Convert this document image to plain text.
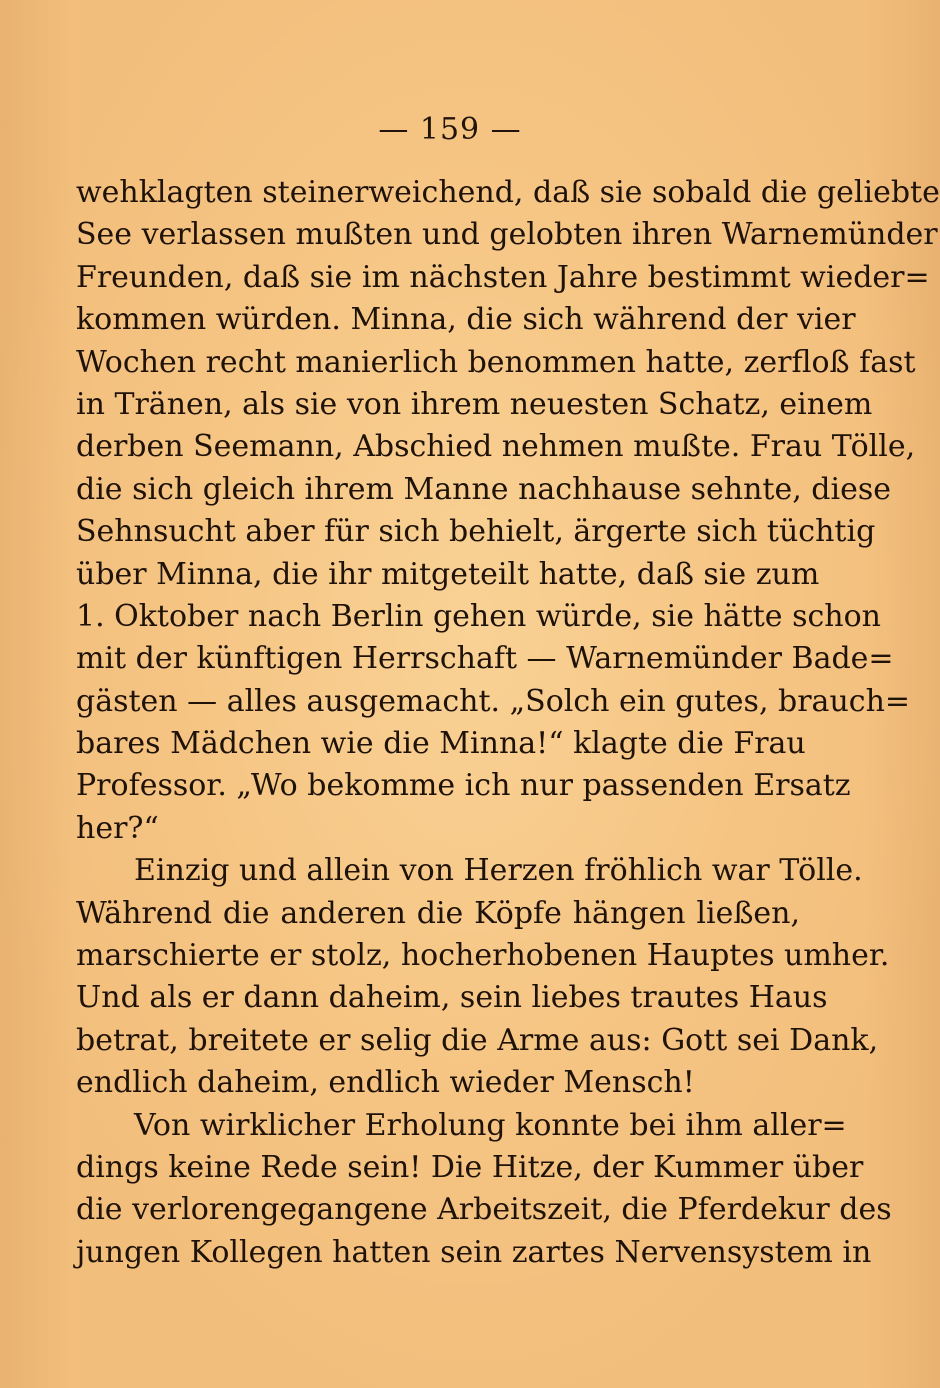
— 159 —
wehklagten steinerweichend, daß sie sobald die geliebte
See verlassen mußten und gelobten ihren Warnemünder
Freunden, daß sie im nächsten Jahre bestimmt wieder=
kommen würden. Minna, die sich während der vier
Wochen recht manierlich benommen hatte, zerfloß fast
in Tränen, als sie von ihrem neuesten Schatz, einem
derben Seemann, Abschied nehmen mußte. Frau Tölle,
die sich gleich ihrem Manne nachhause sehnte, diese
Sehnsucht aber für sich behielt, ärgerte sich tüchtig
über Minna, die ihr mitgeteilt hatte, daß sie zum
1. Oktober nach Berlin gehen würde, sie hätte schon
mit der künftigen Herrschaft — Warnemünder Bade=
gästen — alles ausgemacht. „Solch ein gutes, brauch=
bares Mädchen wie die Minna!“ klagte die Frau
Professor. „Wo bekomme ich nur passenden Ersatz
her?“
Einzig und allein von Herzen fröhlich war Tölle.
Während die anderen die Köpfe hängen ließen,
marschierte er stolz, hocherhobenen Hauptes umher.
Und als er dann daheim, sein liebes trautes Haus
betrat, breitete er selig die Arme aus: Gott sei Dank,
endlich daheim, endlich wieder Mensch!
Von wirklicher Erholung konnte bei ihm aller=
dings keine Rede sein! Die Hitze, der Kummer über
die verlorengegangene Arbeitszeit, die Pferdekur des
jungen Kollegen hatten sein zartes Nervensystem in
